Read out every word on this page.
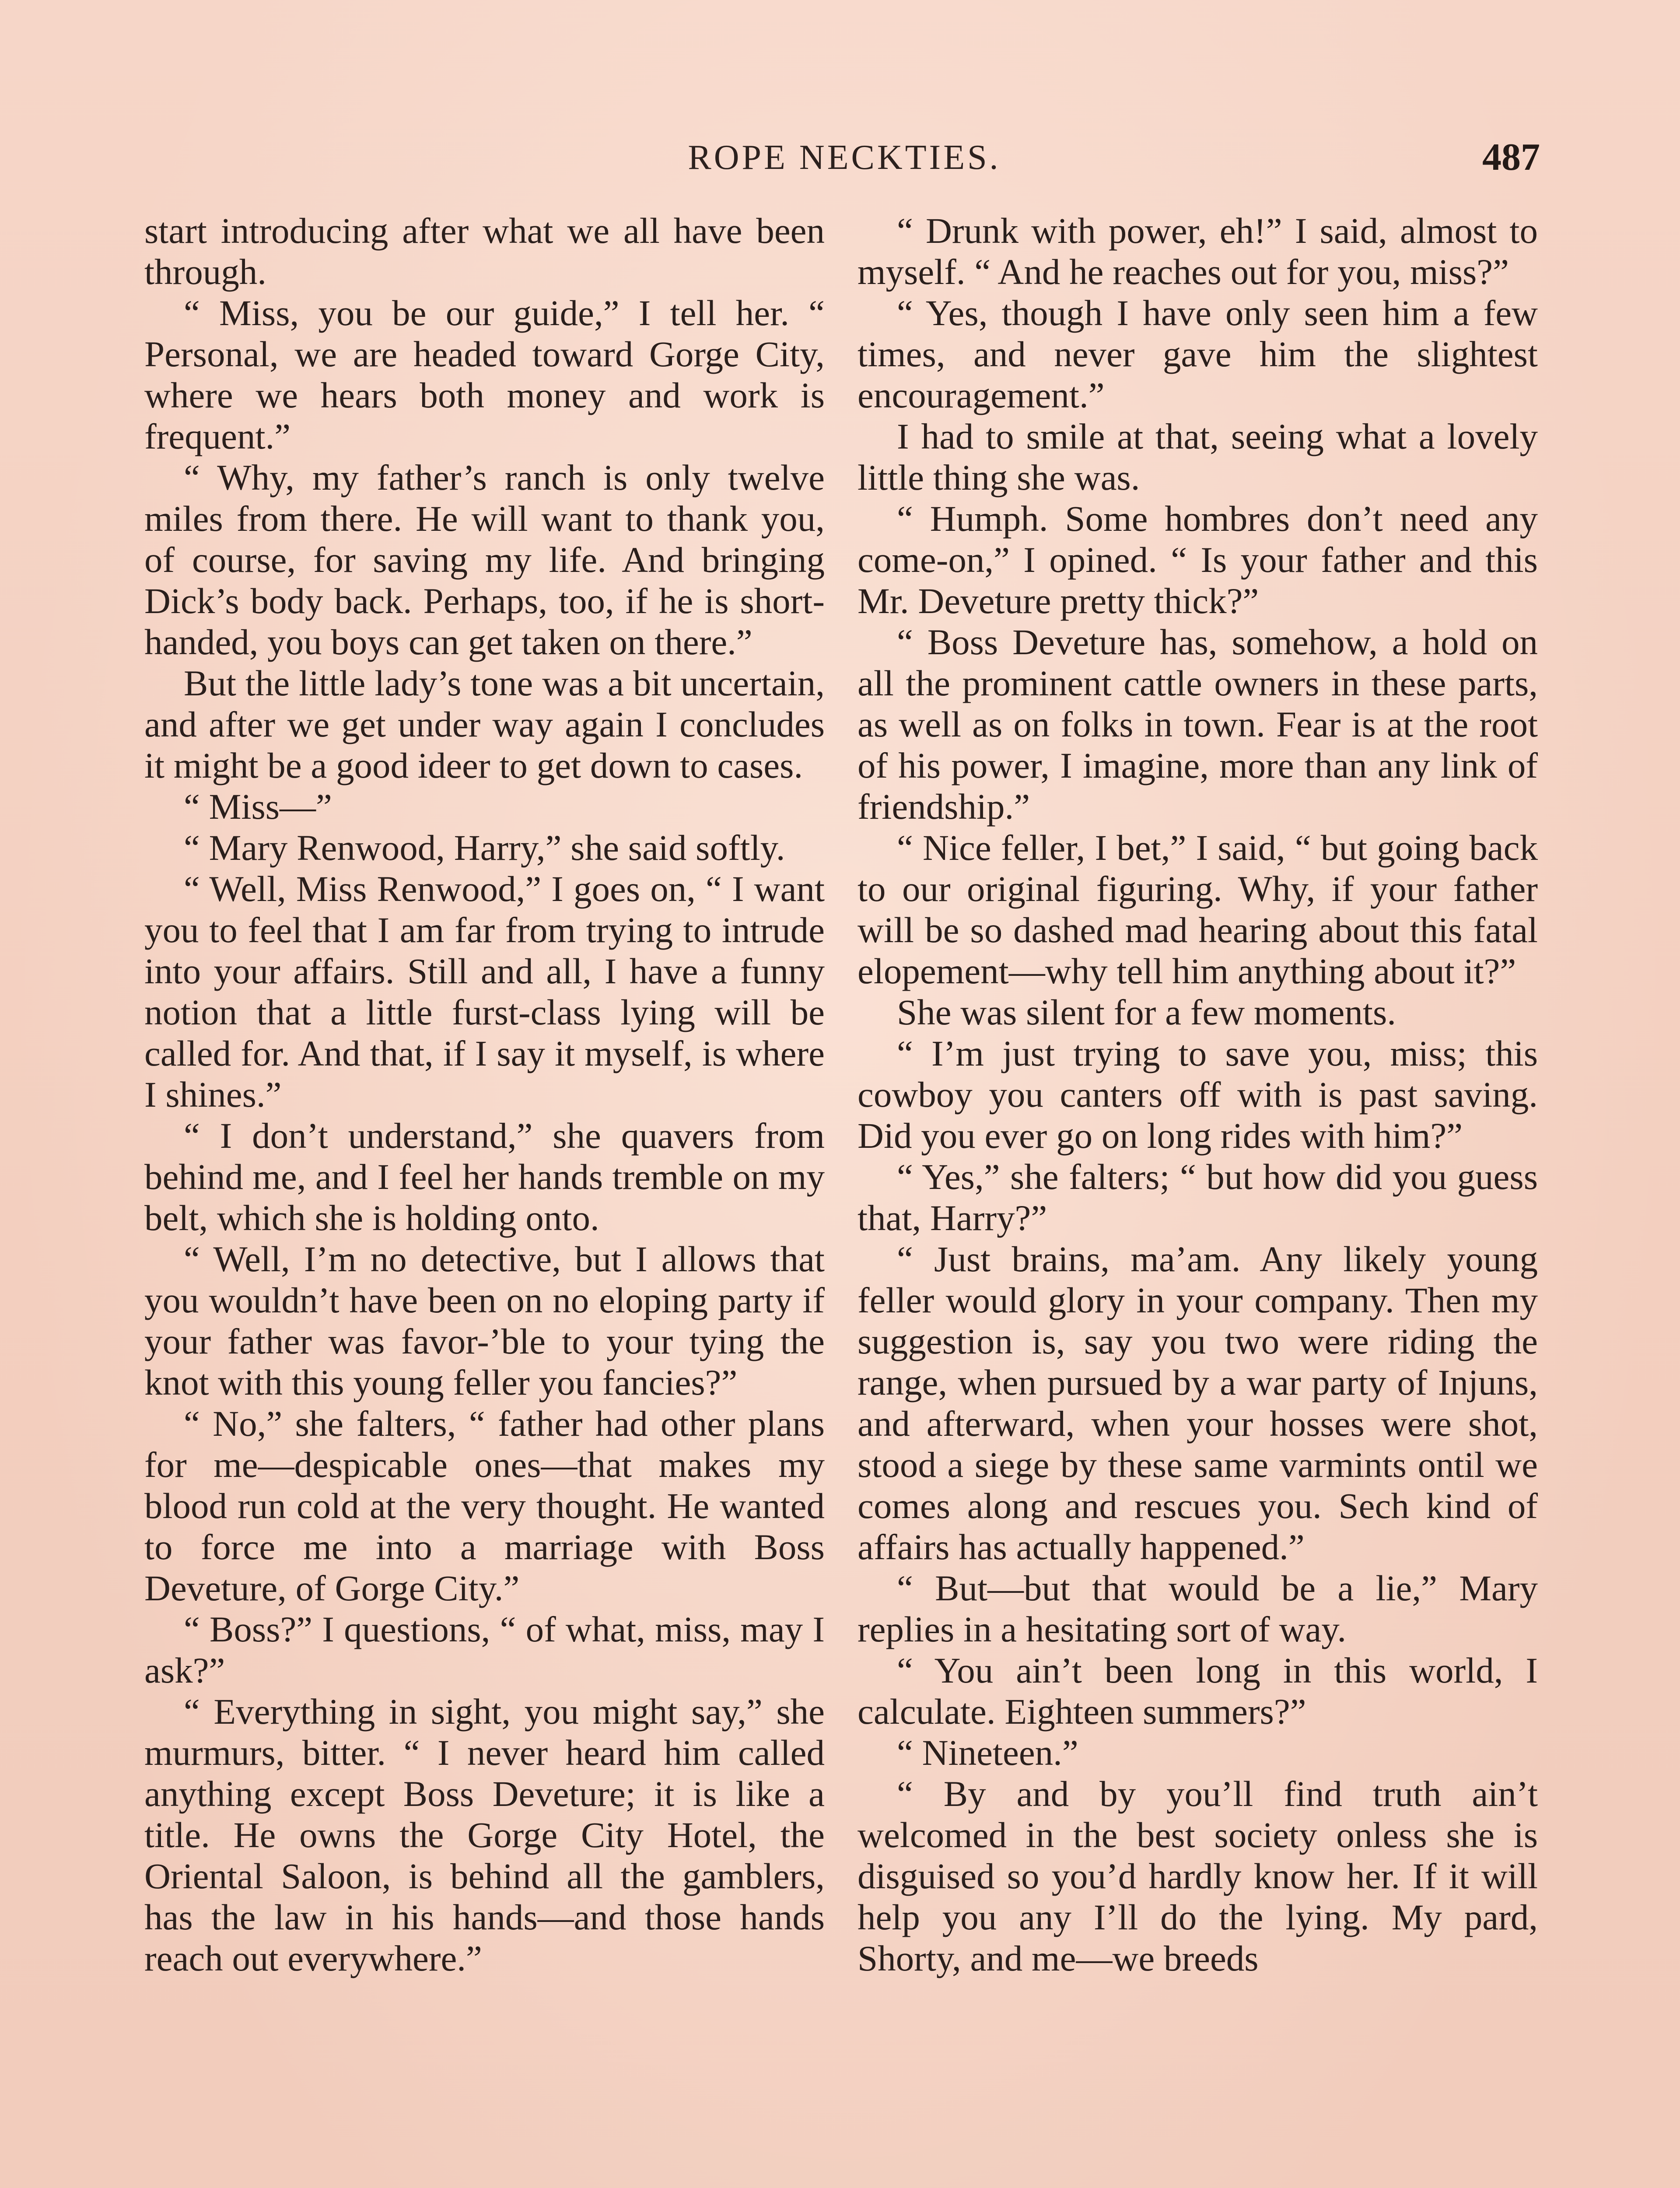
ROPE NECKTIES.	487

start introducing after what we all have been through.

“ Miss, you be our guide,” I tell her. “ Personal, we are headed toward Gorge City, where we hears both money and work is frequent.”

“ Why, my father’s ranch is only twelve miles from there. He will want to thank you, of course, for saving my life. And bringing Dick’s body back. Perhaps, too, if he is short-handed, you boys can get taken on there.”

But the little lady’s tone was a bit uncertain, and after we get under way again I concludes it might be a good ideer to get down to cases.

“ Miss—”

“ Mary Renwood, Harry,” she said softly.

“ Well, Miss Renwood,” I goes on, “ I want you to feel that I am far from trying to intrude into your affairs. Still and all, I have a funny notion that a little furst-class lying will be called for. And that, if I say it myself, is where I shines.”

“ I don’t understand,” she quavers from behind me, and I feel her hands tremble on my belt, which she is holding onto.

“ Well, I’m no detective, but I allows that you wouldn’t have been on no eloping party if your father was favor-’ble to your tying the knot with this young feller you fancies?”

“ No,” she falters, “ father had other plans for me—despicable ones—that makes my blood run cold at the very thought. He wanted to force me into a marriage with Boss Deveture, of Gorge City.”

“ Boss?” I questions, “ of what, miss, may I ask?”

“ Everything in sight, you might say,” she murmurs, bitter. “ I never heard him called anything except Boss Deveture; it is like a title. He owns the Gorge City Hotel, the Oriental Saloon, is behind all the gamblers, has the law in his hands—and those hands reach out everywhere.”

“ Drunk with power, eh!” I said, almost to myself. “ And he reaches out for you, miss?”

“ Yes, though I have only seen him a few times, and never gave him the slightest encouragement.”

I had to smile at that, seeing what a lovely little thing she was.

“ Humph. Some hombres don’t need any come-on,” I opined. “ Is your father and this Mr. Deveture pretty thick?”

“ Boss Deveture has, somehow, a hold on all the prominent cattle owners in these parts, as well as on folks in town. Fear is at the root of his power, I imagine, more than any link of friendship.”

“ Nice feller, I bet,” I said, “ but going back to our original figuring. Why, if your father will be so dashed mad hearing about this fatal elopement—why tell him anything about it?”

She was silent for a few moments.

“ I’m just trying to save you, miss; this cowboy you canters off with is past saving. Did you ever go on long rides with him?”

“ Yes,” she falters; “ but how did you guess that, Harry?”

“ Just brains, ma’am. Any likely young feller would glory in your company. Then my suggestion is, say you two were riding the range, when pursued by a war party of Injuns, and afterward, when your hosses were shot, stood a siege by these same varmints ontil we comes along and rescues you. Sech kind of affairs has actually happened.”

“ But—but that would be a lie,” Mary replies in a hesitating sort of way.

“ You ain’t been long in this world, I calculate. Eighteen summers?”

“ Nineteen.”

“ By and by you’ll find truth ain’t welcomed in the best society onless she is disguised so you’d hardly know her. If it will help you any I’ll do the lying. My pard, Shorty, and me—we breeds
